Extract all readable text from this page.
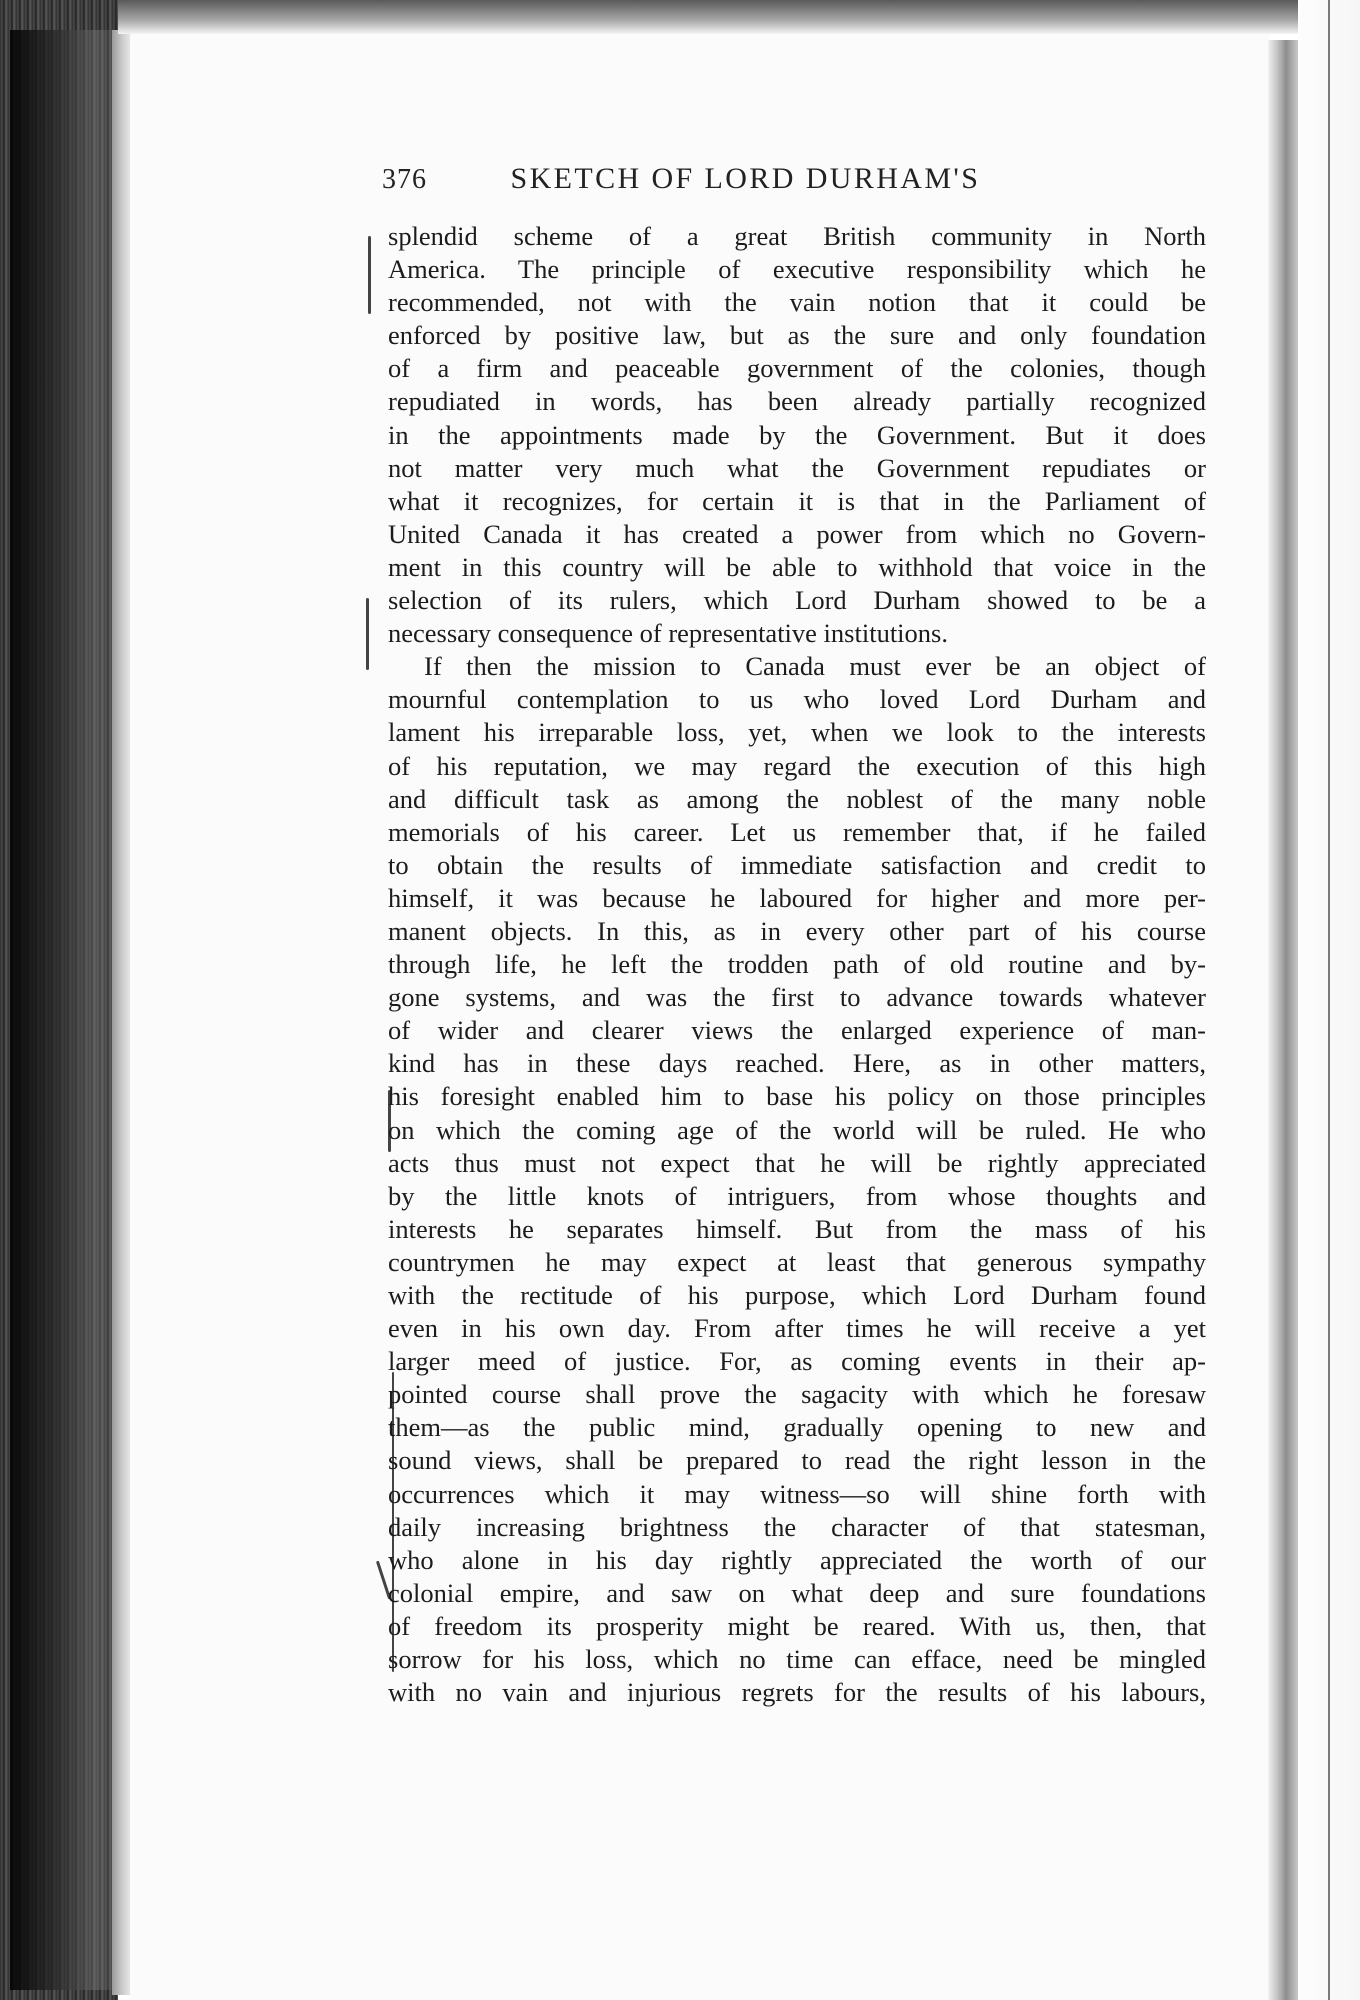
376	SKETCH OF LORD DURHAM'S
splendid scheme of a great British community in North
America. The principle of executive responsibility which he
recommended, not with the vain notion that it could be
enforced by positive law, but as the sure and only foundation
of a firm and peaceable government of the colonies, though
repudiated in words, has been already partially recognized
in the appointments made by the Government. But it does
not matter very much what the Government repudiates or
what it recognizes, for certain it is that in the Parliament of
United Canada it has created a power from which no Govern-
ment in this country will be able to withhold that voice in the
selection of its rulers, which Lord Durham showed to be a
necessary consequence of representative institutions.
If then the mission to Canada must ever be an object of
mournful contemplation to us who loved Lord Durham and
lament his irreparable loss, yet, when we look to the interests
of his reputation, we may regard the execution of this high
and difficult task as among the noblest of the many noble
memorials of his career. Let us remember that, if he failed
to obtain the results of immediate satisfaction and credit to
himself, it was because he laboured for higher and more per-
manent objects. In this, as in every other part of his course
through life, he left the trodden path of old routine and by-
gone systems, and was the first to advance towards whatever
of wider and clearer views the enlarged experience of man-
kind has in these days reached. Here, as in other matters,
his foresight enabled him to base his policy on those principles
on which the coming age of the world will be ruled. He who
acts thus must not expect that he will be rightly appreciated
by the little knots of intriguers, from whose thoughts and
interests he separates himself. But from the mass of his
countrymen he may expect at least that generous sympathy
with the rectitude of his purpose, which Lord Durham found
even in his own day. From after times he will receive a yet
larger meed of justice. For, as coming events in their ap-
pointed course shall prove the sagacity with which he foresaw
them—as the public mind, gradually opening to new and
sound views, shall be prepared to read the right lesson in the
occurrences which it may witness—so will shine forth with
daily increasing brightness the character of that statesman,
who alone in his day rightly appreciated the worth of our
colonial empire, and saw on what deep and sure foundations
of freedom its prosperity might be reared. With us, then, that
sorrow for his loss, which no time can efface, need be mingled
with no vain and injurious regrets for the results of his labours,
